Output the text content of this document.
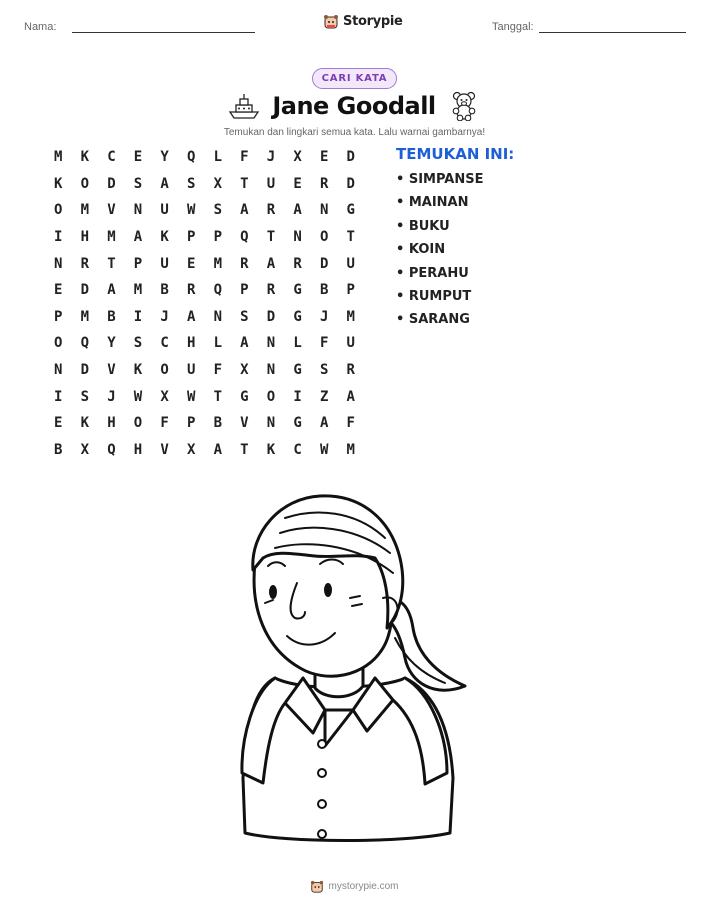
Nama:	Storypie	Tanggal:
CARI KATA
Jane Goodall
Temukan dan lingkari semua kata. Lalu warnai gambarnya!
M	K	C	E	Y	Q	L	F	J	X	E	D
K	O	D	S	A	S	X	T	U	E	R	D
O	M	V	N	U	W	S	A	R	A	N	G
I	H	M	A	K	P	P	Q	T	N	O	T
N	R	T	P	U	E	M	R	A	R	D	U
E	D	A	M	B	R	Q	P	R	G	B	P
P	M	B	I	J	A	N	S	D	G	J	M
O	Q	Y	S	C	H	L	A	N	L	F	U
N	D	V	K	O	U	F	X	N	G	S	R
I	S	J	W	X	W	T	G	O	I	Z	A
E	K	H	O	F	P	B	V	N	G	A	F
B	X	Q	H	V	X	A	T	K	C	W	M
TEMUKAN INI:
• SIMPANSE
• MAINAN
• BUKU
• KOIN
• PERAHU
• RUMPUT
• SARANG
mystorypie.com
